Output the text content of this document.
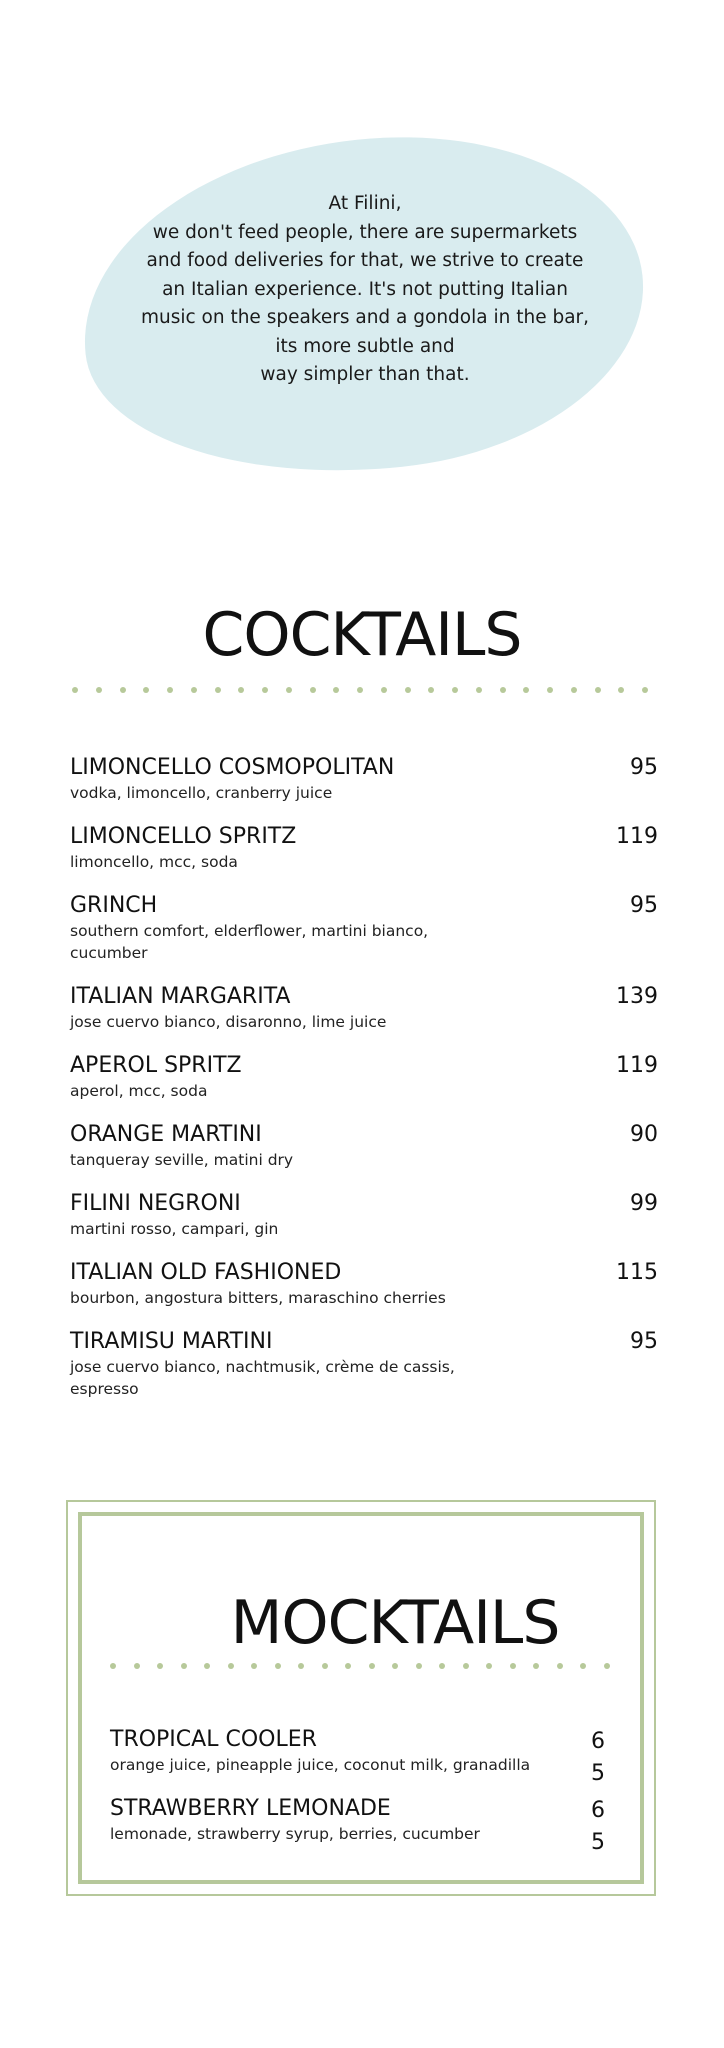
At Filini,
we don't feed people, there are supermarkets
and food deliveries for that, we strive to create
an Italian experience. It's not putting Italian
music on the speakers and a gondola in the bar,
its more subtle and
way simpler than that.
COCKTAILS
LIMONCELLO COSMOPOLITAN
vodka, limoncello, cranberry juice
95
LIMONCELLO SPRITZ
limoncello, mcc, soda
119
GRINCH
southern comfort, elderflower, martini bianco, cucumber
95
ITALIAN MARGARITA
jose cuervo bianco, disaronno, lime juice
139
APEROL SPRITZ
aperol, mcc, soda
119
ORANGE MARTINI
tanqueray seville, matini dry
90
FILINI NEGRONI
martini rosso, campari, gin
99
ITALIAN OLD FASHIONED
bourbon, angostura bitters, maraschino cherries
115
TIRAMISU MARTINI
jose cuervo bianco, nachtmusik, crème de cassis, espresso
95
MOCKTAILS
TROPICAL COOLER
orange juice, pineapple juice, coconut milk, granadilla
6 5
STRAWBERRY LEMONADE
lemonade, strawberry syrup, berries, cucumber
6 5
